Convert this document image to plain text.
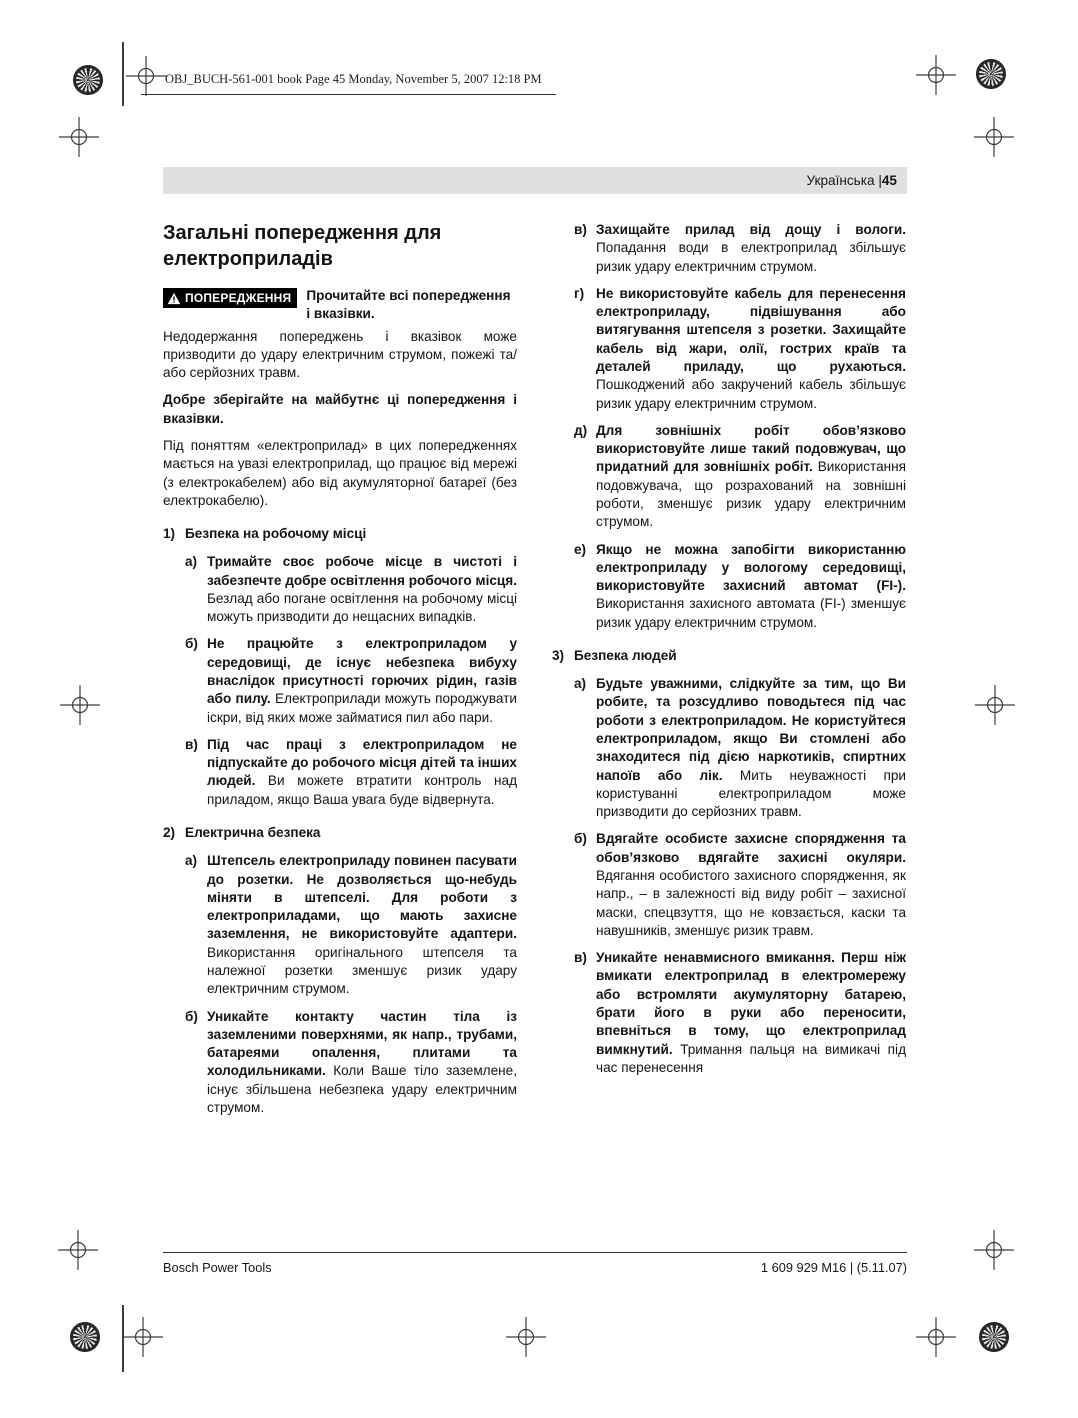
OBJ_BUCH-561-001 book Page 45 Monday, November 5, 2007 12:18 PM
Українська | 45
Загальні попередження для електроприладів
ПОПЕРЕДЖЕННЯ Прочитайте всі попередження і вказівки.

Недодержання попереджень і вказівок може призводити до удару електричним струмом, пожежі та/або серйозних травм.

Добре зберігайте на майбутнє ці попередження і вказівки.

Під поняттям «електроприлад» в цих попередженнях мається на увазі електроприлад, що працює від мережі (з електрокабелем) або від акумуляторної батареї (без електрокабелю).

1) Безпека на робочому місці
а) Тримайте своє робоче місце в чистоті і забезпечте добре освітлення робочого місця. Безлад або погане освітлення на робочому місці можуть призводити до нещасних випадків.
б) Не працюйте з електроприладом у середовищі, де існує небезпека вибуху внаслідок присутності горючих рідин, газів або пилу. Електроприлади можуть породжувати іскри, від яких може займатися пил або пари.
в) Під час праці з електроприладом не підпускайте до робочого місця дітей та інших людей. Ви можете втратити контроль над приладом, якщо Ваша увага буде відвернута.
2) Електрична безпека
а) Штепсель електроприладу повинен пасувати до розетки. Не дозволяється що-небудь міняти в штепселі. Для роботи з електроприладами, що мають захисне заземлення, не використовуйте адаптери. Використання оригінального штепселя та належної розетки зменшує ризик удару електричним струмом.
б) Уникайте контакту частин тіла із заземленими поверхнями, як напр., трубами, батареями опалення, плитами та холодильниками. Коли Ваше тіло заземлене, існує збільшена небезпека удару електричним струмом.
в) Захищайте прилад від дощу і вологи. Попадання води в електроприлад збільшує ризик удару електричним струмом.
г) Не використовуйте кабель для перенесення електроприладу, підвішування або витягування штепселя з розетки. Захищайте кабель від жари, олії, гострих країв та деталей приладу, що рухаються. Пошкоджений або закручений кабель збільшує ризик удару електричним струмом.
д) Для зовнішніх робіт обов’язково використовуйте лише такий подовжувач, що придатний для зовнішніх робіт. Використання подовжувача, що розрахований на зовнішні роботи, зменшує ризик удару електричним струмом.
е) Якщо не можна запобігти використанню електроприладу у вологому середовищі, використовуйте захисний автомат (FI-). Використання захисного автомата (FI-) зменшує ризик удару електричним струмом.
3) Безпека людей
а) Будьте уважними, слідкуйте за тим, що Ви робите, та розсудливо поводьтеся під час роботи з електроприладом. Не користуйтеся електроприладом, якщо Ви стомлені або знаходитеся під дією наркотиків, спиртних напоїв або лік. Мить неуважності при користуванні електроприладом може призводити до серйозних травм.
б) Вдягайте особисте захисне спорядження та обов’язково вдягайте захисні окуляри. Вдягання особистого захисного спорядження, як напр., – в залежності від виду робіт – захисної маски, спецвзуття, що не ковзається, каски та навушників, зменшує ризик травм.
в) Уникайте ненавмисного вмикання. Перш ніж вмикати електроприлад в електромережу або встромляти акумуляторну батарею, брати його в руки або переносити, впевніться в тому, що електроприлад вимкнутий. Тримання пальця на вимикачі під час перенесення
Bosch Power Tools	1 609 929 M16 | (5.11.07)
